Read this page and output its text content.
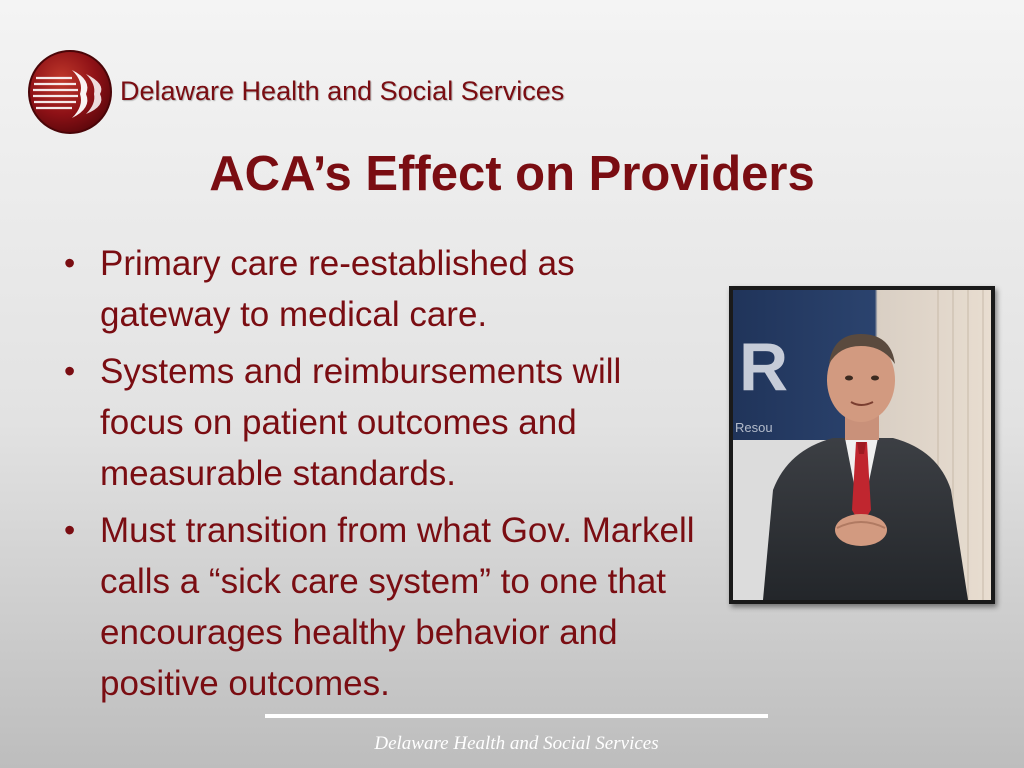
Delaware Health and Social Services
ACA’s Effect on Providers
• Primary care re-established as gateway to medical care.
• Systems and reimbursements will focus on patient outcomes and measurable standards.
• Must transition from what Gov. Markell calls a “sick care system” to one that encourages healthy behavior and positive outcomes.
R
Resou
Delaware Health and Social Services
